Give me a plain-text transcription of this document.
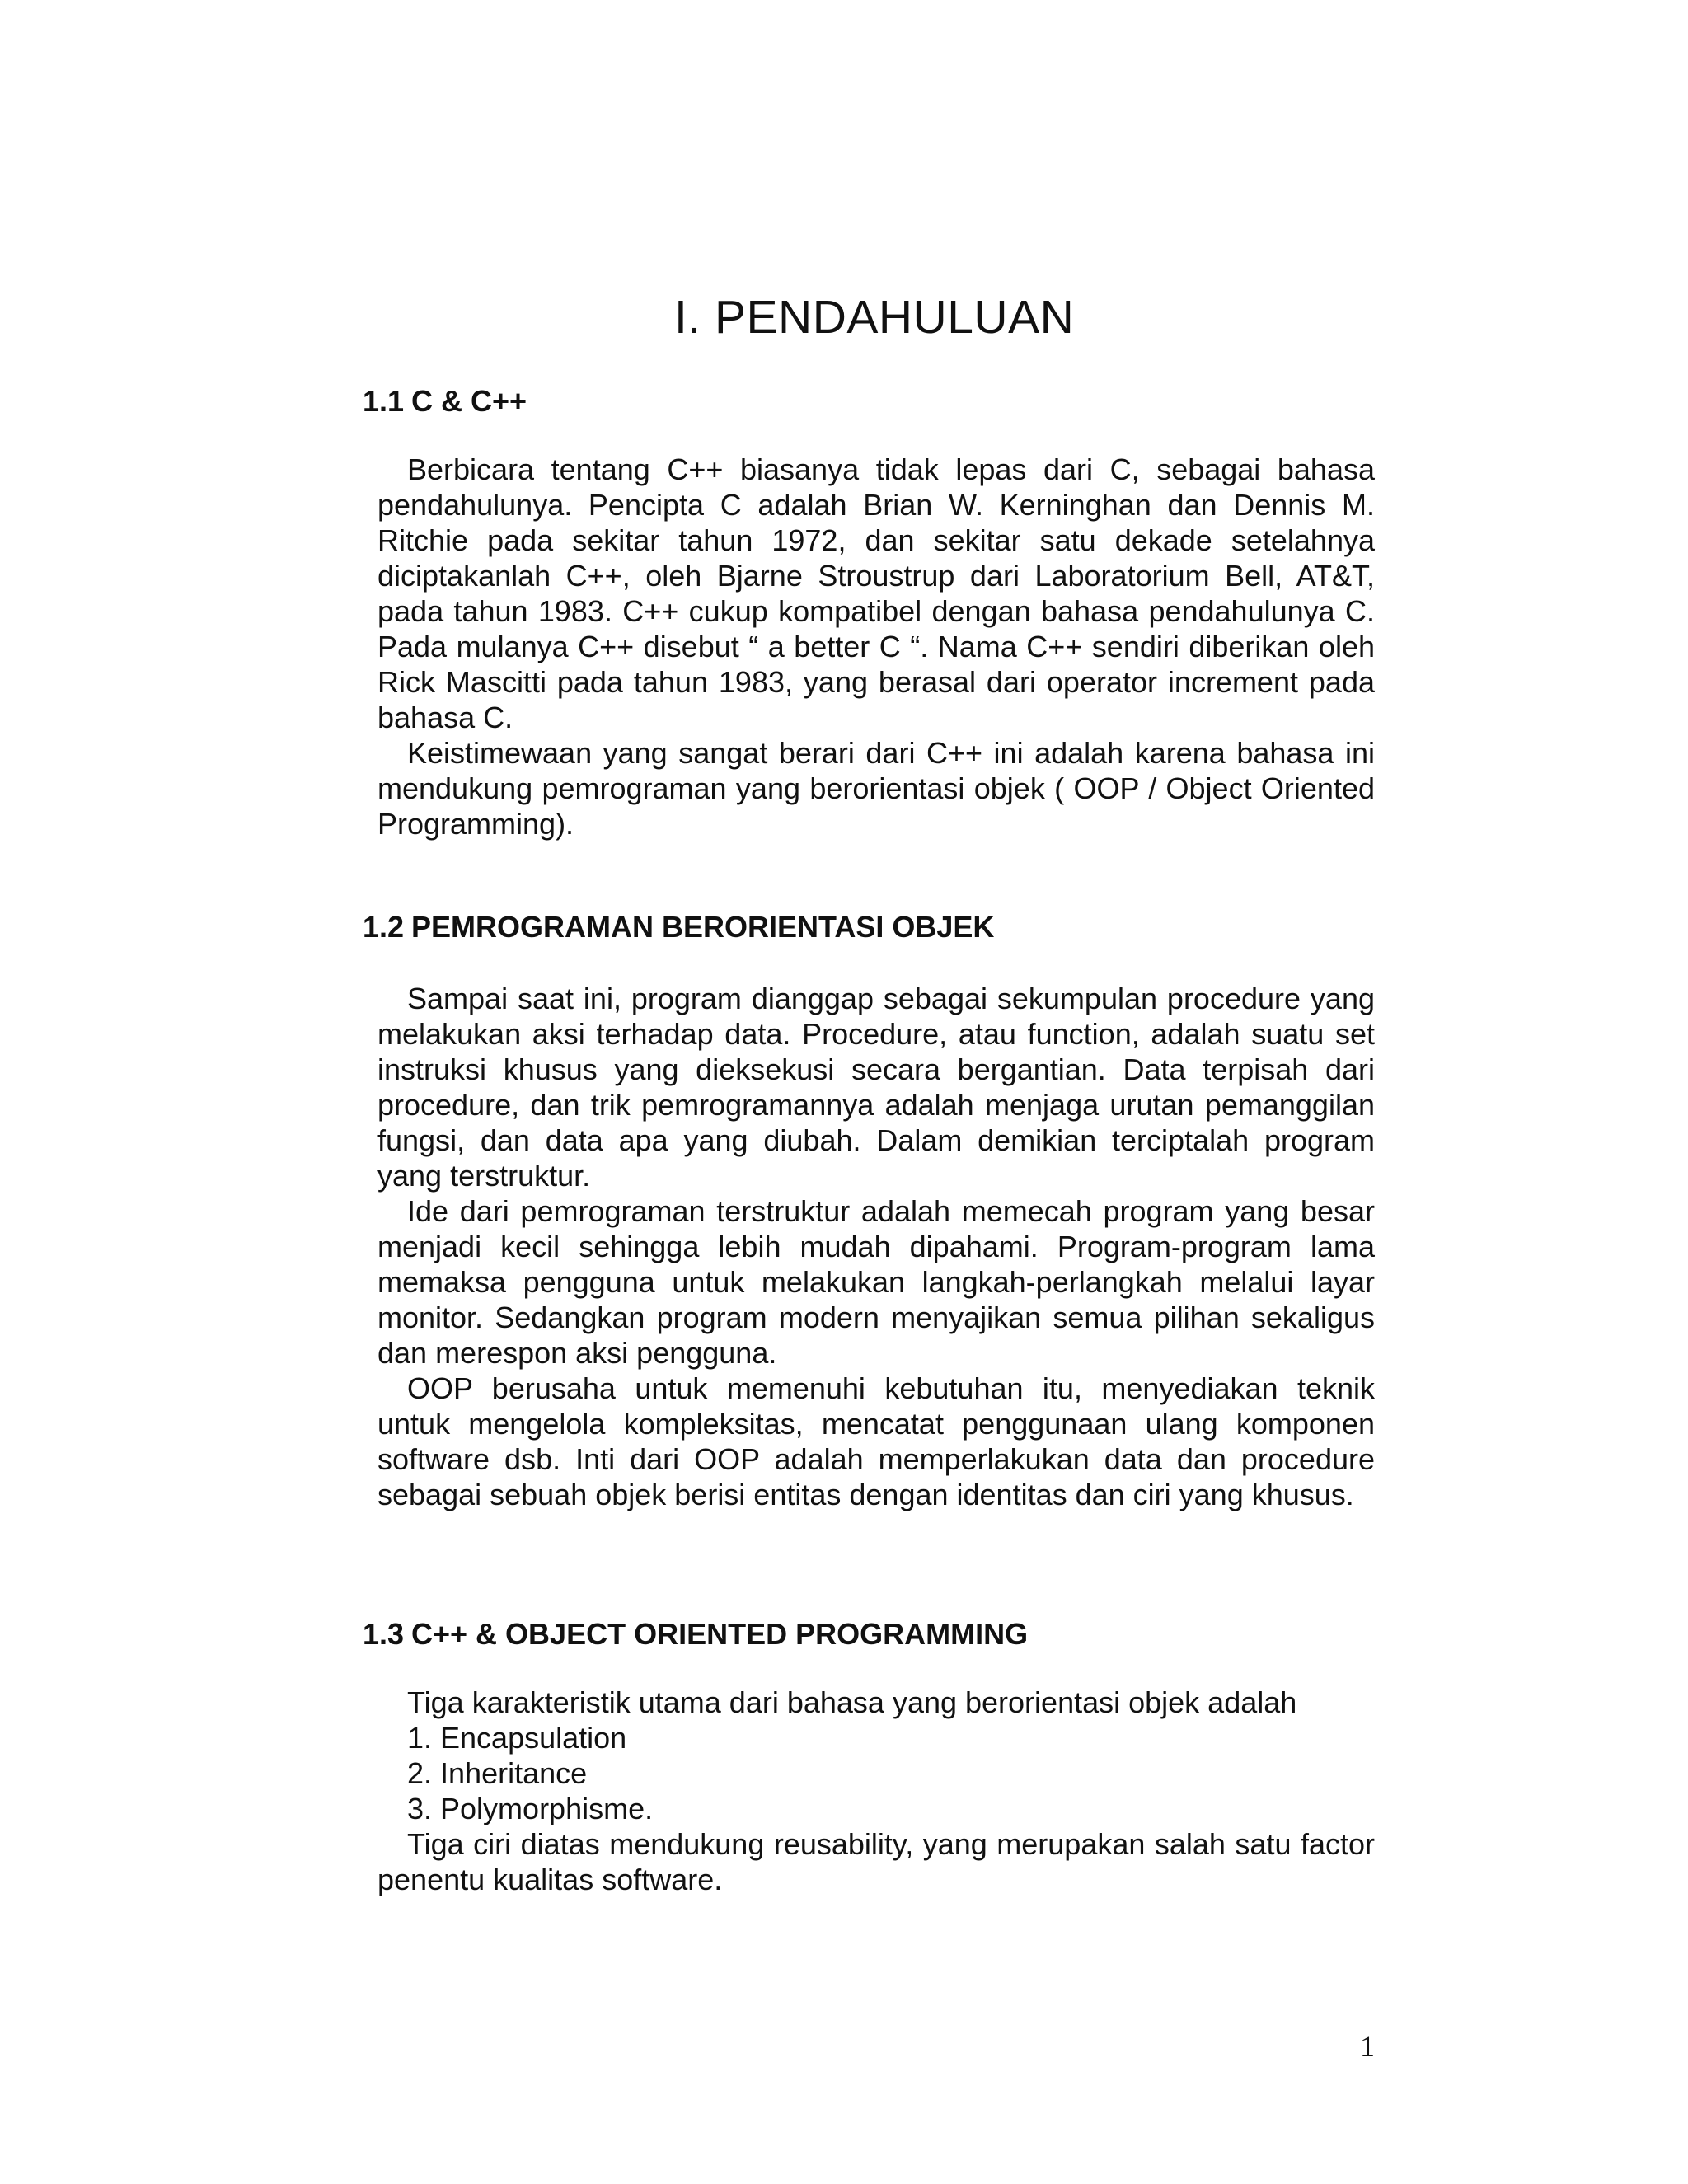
I. PENDAHULUAN
1.1 C & C++

Berbicara tentang C++ biasanya tidak lepas dari C, sebagai bahasa pendahulunya. Pencipta C adalah Brian W. Kerninghan dan Dennis M. Ritchie pada sekitar tahun 1972, dan sekitar satu dekade setelahnya diciptakanlah C++, oleh Bjarne Stroustrup dari Laboratorium Bell, AT&T, pada tahun 1983. C++ cukup kompatibel dengan bahasa pendahulunya C. Pada mulanya C++ disebut “ a better C “. Nama C++ sendiri diberikan oleh Rick Mascitti pada tahun 1983, yang berasal dari operator increment pada bahasa C.

Keistimewaan yang sangat berari dari C++ ini adalah karena bahasa ini mendukung pemrograman yang berorientasi objek ( OOP / Object Oriented Programming).

1.2 PEMROGRAMAN BERORIENTASI OBJEK

Sampai saat ini, program dianggap sebagai sekumpulan procedure yang melakukan aksi terhadap data. Procedure, atau function, adalah suatu set instruksi khusus yang dieksekusi secara bergantian. Data terpisah dari procedure, dan trik pemrogramannya adalah menjaga urutan pemanggilan fungsi, dan data apa yang diubah. Dalam demikian terciptalah program yang terstruktur.

Ide dari pemrograman terstruktur adalah memecah program yang besar menjadi kecil sehingga lebih mudah dipahami. Program-program lama memaksa pengguna untuk melakukan langkah-perlangkah melalui layar monitor. Sedangkan program modern menyajikan semua pilihan sekaligus dan merespon aksi pengguna.

OOP berusaha untuk memenuhi kebutuhan itu, menyediakan teknik untuk mengelola kompleksitas, mencatat penggunaan ulang komponen software dsb. Inti dari OOP adalah memperlakukan data dan procedure sebagai sebuah objek berisi entitas dengan identitas dan ciri yang khusus.

1.3 C++ & OBJECT ORIENTED PROGRAMMING

Tiga karakteristik utama dari bahasa yang berorientasi objek adalah

1. Encapsulation

2. Inheritance

3. Polymorphisme.

Tiga ciri diatas mendukung reusability, yang merupakan salah satu factor penentu kualitas software.

1
